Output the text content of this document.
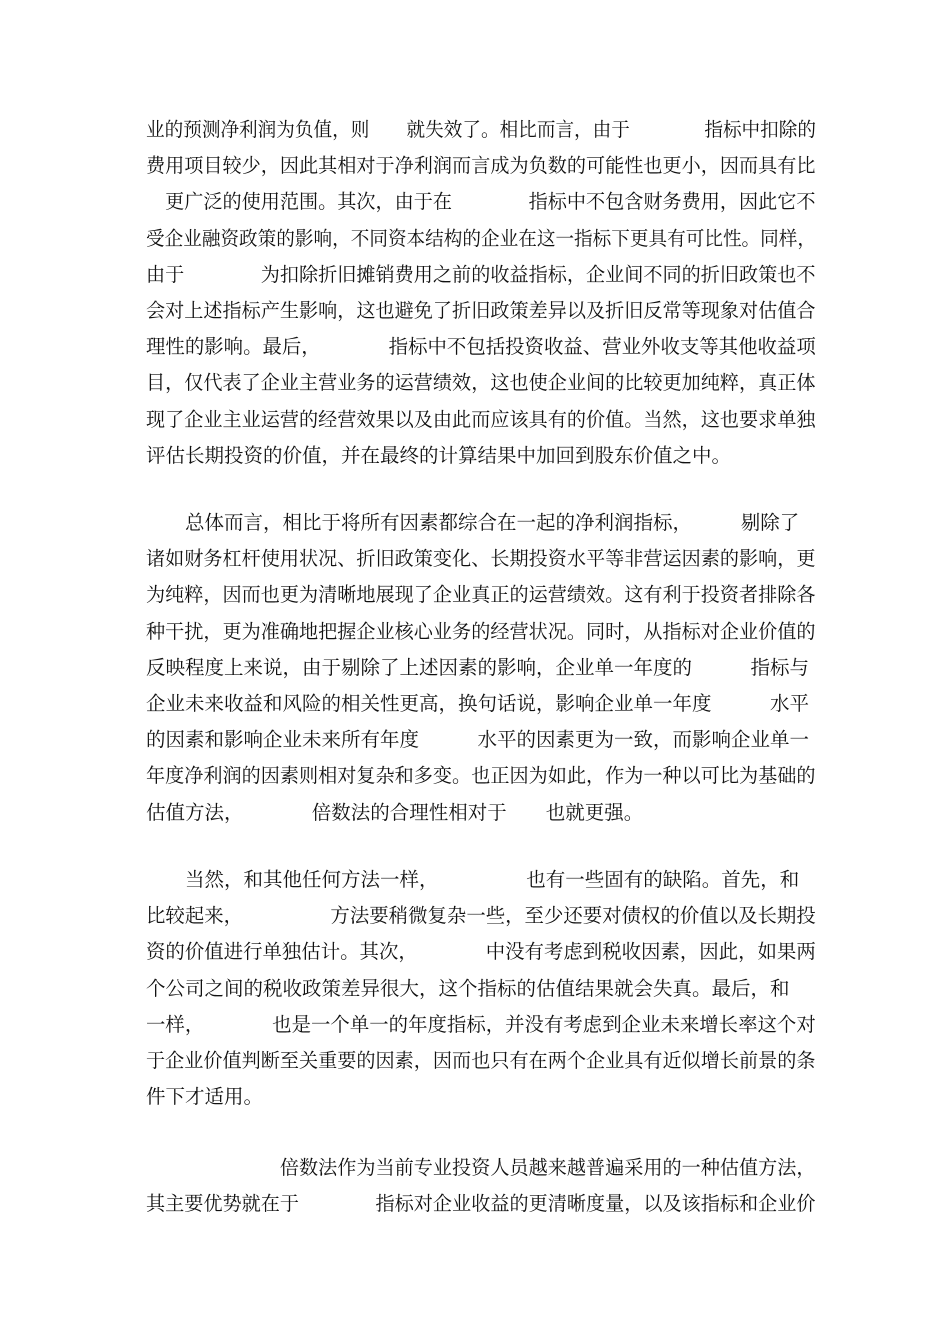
业的预测净利润为负值，则　　就失效了。相比而言，由于　　　　指标中扣除的
费用项目较少，因此其相对于净利润而言成为负数的可能性也更小，因而具有比
　更广泛的使用范围。其次，由于在　　　　指标中不包含财务费用，因此它不
受企业融资政策的影响，不同资本结构的企业在这一指标下更具有可比性。同样，
由于　　　　为扣除折旧摊销费用之前的收益指标，企业间不同的折旧政策也不
会对上述指标产生影响，这也避免了折旧政策差异以及折旧反常等现象对估值合
理性的影响。最后，　　　　指标中不包括投资收益、营业外收支等其他收益项
目，仅代表了企业主营业务的运营绩效，这也使企业间的比较更加纯粹，真正体
现了企业主业运营的经营效果以及由此而应该具有的价值。当然，这也要求单独
评估长期投资的价值，并在最终的计算结果中加回到股东价值之中。
　　总体而言，相比于将所有因素都综合在一起的净利润指标，　　　剔除了
诸如财务杠杆使用状况、折旧政策变化、长期投资水平等非营运因素的影响，更
为纯粹，因而也更为清晰地展现了企业真正的运营绩效。这有利于投资者排除各
种干扰，更为准确地把握企业核心业务的经营状况。同时，从指标对企业价值的
反映程度上来说，由于剔除了上述因素的影响，企业单一年度的　　　指标与
企业未来收益和风险的相关性更高，换句话说，影响企业单一年度　　　水平
的因素和影响企业未来所有年度　　　水平的因素更为一致，而影响企业单一
年度净利润的因素则相对复杂和多变。也正因为如此，作为一种以可比为基础的
估值方法，　　　　倍数法的合理性相对于　　也就更强。
　　当然，和其他任何方法一样，　　　　　也有一些固有的缺陷。首先，和
比较起来，　　　　　方法要稍微复杂一些，至少还要对债权的价值以及长期投
资的价值进行单独估计。其次，　　　　中没有考虑到税收因素，因此，如果两
个公司之间的税收政策差异很大，这个指标的估值结果就会失真。最后，和
一样，　　　　也是一个单一的年度指标，并没有考虑到企业未来增长率这个对
于企业价值判断至关重要的因素，因而也只有在两个企业具有近似增长前景的条
件下才适用。
　　　　　　　倍数法作为当前专业投资人员越来越普遍采用的一种估值方法，
其主要优势就在于　　　　指标对企业收益的更清晰度量，以及该指标和企业价
